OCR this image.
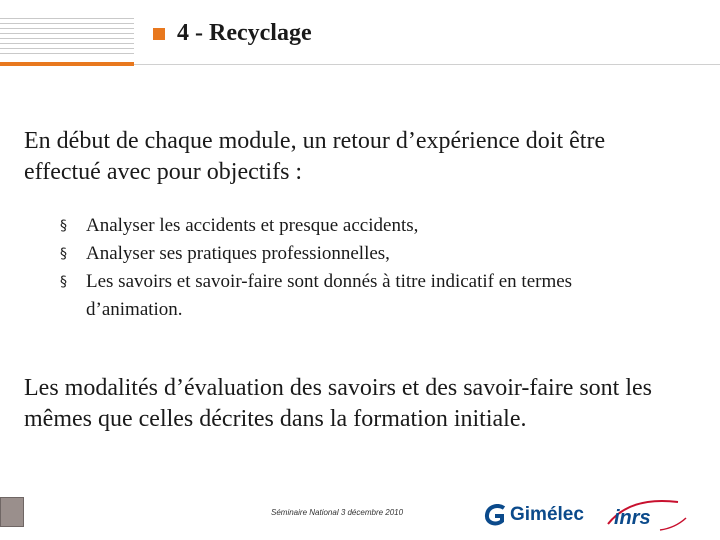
4 - Recyclage

En début de chaque module, un retour d’expérience doit être effectué avec pour objectifs :

§ Analyser les accidents et presque accidents,
§ Analyser ses pratiques professionnelles,
§ Les savoirs et savoir-faire sont donnés à titre indicatif en termes d’animation.

Les modalités d’évaluation des savoirs et des savoir-faire sont les mêmes que celles décrites dans la formation initiale.

Séminaire National 3 décembre 2010	Gimélec inrs
